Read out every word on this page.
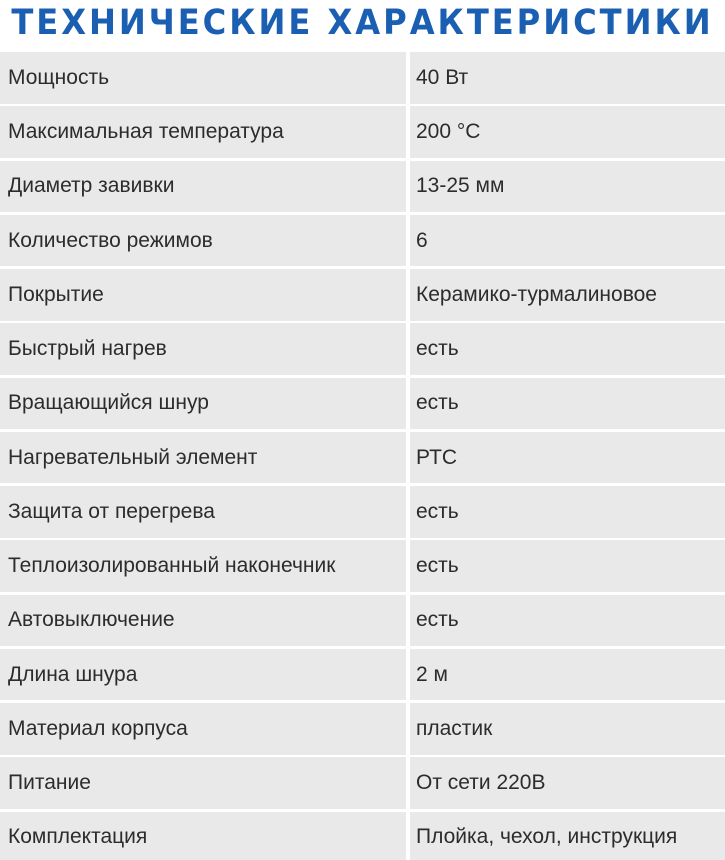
ТЕХНИЧЕСКИЕ ХАРАКТЕРИСТИКИ
Мощность	40 Вт
Максимальная температура	200 °С
Диаметр завивки	13-25 мм
Количество режимов	6
Покрытие	Керамико-турмалиновое
Быстрый нагрев	есть
Вращающийся шнур	есть
Нагревательный элемент	РТС
Защита от перегрева	есть
Теплоизолированный наконечник	есть
Автовыключение	есть
Длина шнура	2 м
Материал корпуса	пластик
Питание	От сети 220В
Комплектация	Плойка, чехол, инструкция
